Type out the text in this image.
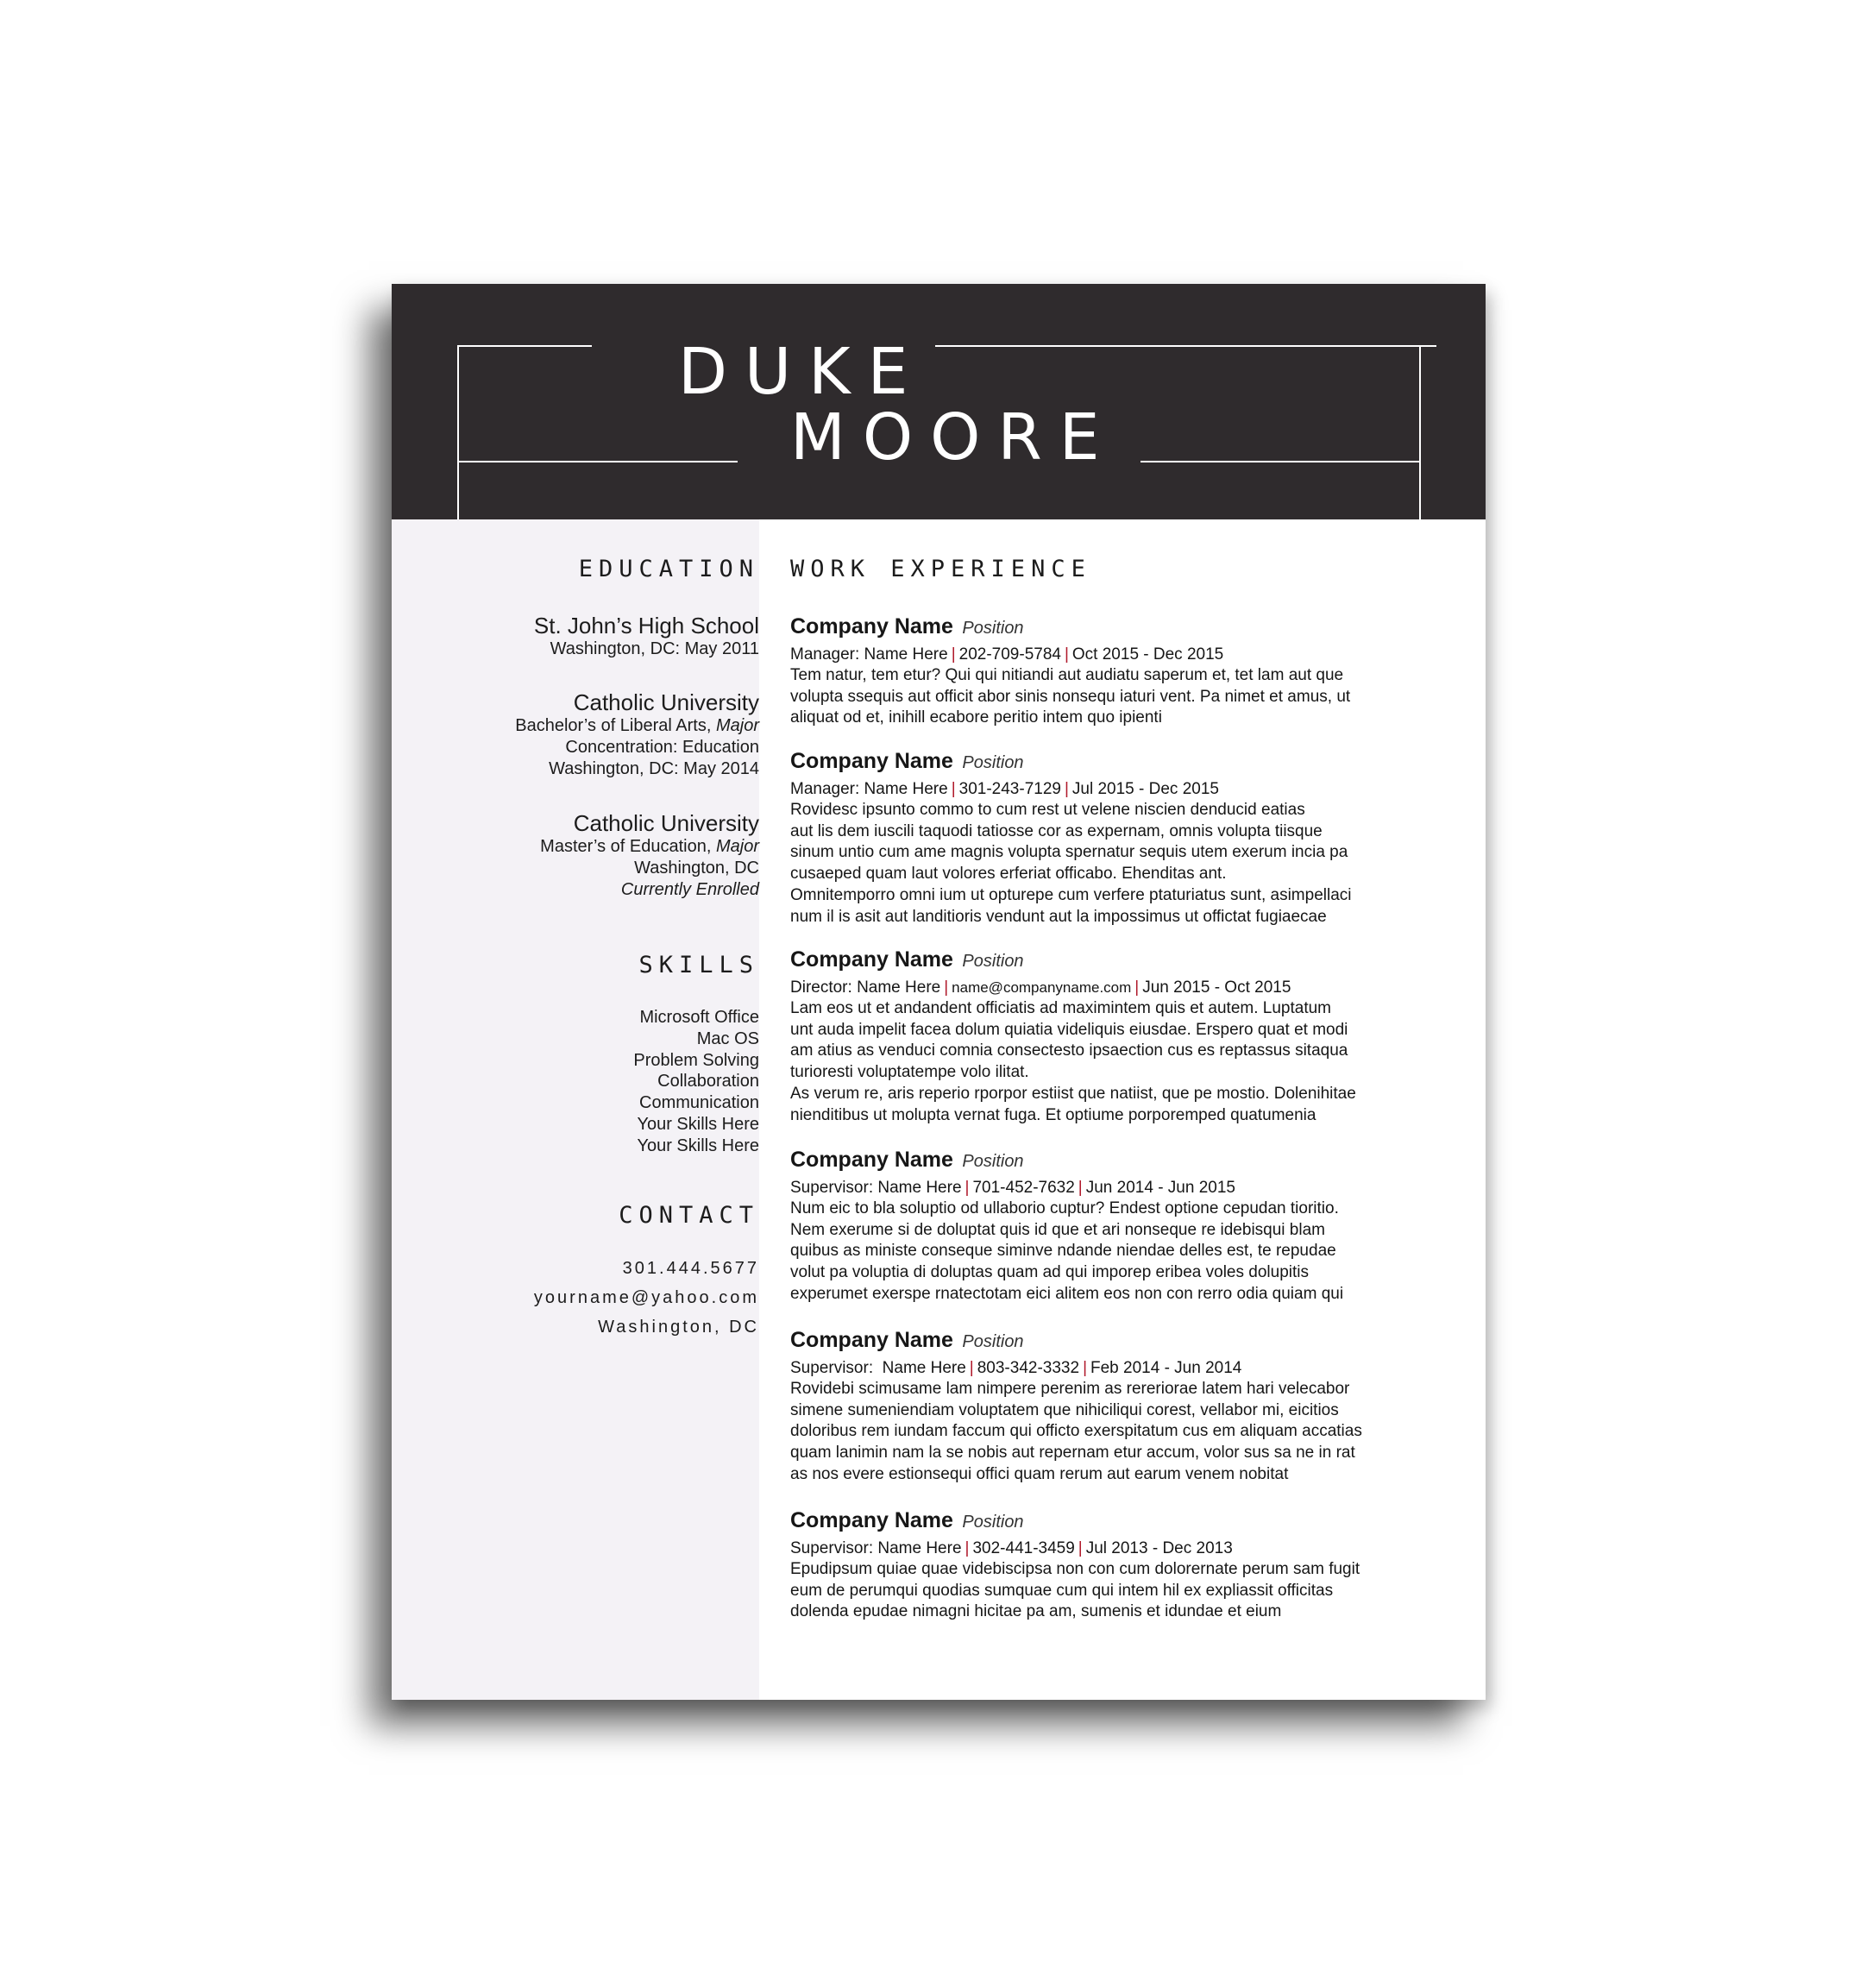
DUKE
MOORE
EDUCATION
St. John’s High School
Washington, DC: May 2011
Catholic University
Bachelor’s of Liberal Arts, Major
Concentration: Education
Washington, DC: May 2014
Catholic University
Master’s of Education, Major
Washington, DC
Currently Enrolled
SKILLS
Microsoft Office
Mac OS
Problem Solving
Collaboration
Communication
Your Skills Here
Your Skills Here
CONTACT
301.444.5677
yourname@yahoo.com
Washington, DC
WORK EXPERIENCE
Company Name Position
Manager: Name Here | 202-709-5784 | Oct 2015 - Dec 2015
Tem natur, tem etur? Qui qui nitiandi aut audiatu saperum et, tet lam aut que
volupta ssequis aut officit abor sinis nonsequ iaturi vent. Pa nimet et amus, ut
aliquat od et, inihill ecabore peritio intem quo ipienti
Company Name Position
Manager: Name Here | 301-243-7129 | Jul 2015 - Dec 2015
Rovidesc ipsunto commo to cum rest ut velene niscien denducid eatias
aut lis dem iuscili taquodi tatiosse cor as expernam, omnis volupta tiisque
sinum untio cum ame magnis volupta spernatur sequis utem exerum incia pa
cusaeped quam laut volores erferiat officabo. Ehenditas ant.
Omnitemporro omni ium ut opturepe cum verfere ptaturiatus sunt, asimpellaci
num il is asit aut landitioris vendunt aut la impossimus ut offictat fugiaecae
Company Name Position
Director: Name Here | name@companyname.com | Jun 2015 - Oct 2015
Lam eos ut et andandent officiatis ad maximintem quis et autem. Luptatum
unt auda impelit facea dolum quiatia videliquis eiusdae. Erspero quat et modi
am atius as venduci comnia consectesto ipsaection cus es reptassus sitaqua
turioresti voluptatempe volo ilitat.
As verum re, aris reperio rporpor estiist que natiist, que pe mostio. Dolenihitae
nienditibus ut molupta vernat fuga. Et optiume porporemped quatumenia
Company Name Position
Supervisor: Name Here | 701-452-7632 | Jun 2014 - Jun 2015
Num eic to bla soluptio od ullaborio cuptur? Endest optione cepudan tioritio.
Nem exerume si de doluptat quis id que et ari nonseque re idebisqui blam
quibus as ministe conseque siminve ndande niendae delles est, te repudae
volut pa voluptia di doluptas quam ad qui imporep eribea voles dolupitis
experumet exerspe rnatectotam eici alitem eos non con rerro odia quiam qui
Company Name Position
Supervisor:  Name Here | 803-342-3332 | Feb 2014 - Jun 2014
Rovidebi scimusame lam nimpere perenim as rereriorae latem hari velecabor
simene sumeniendiam voluptatem que nihiciliqui corest, vellabor mi, eicitios
doloribus rem iundam faccum qui officto exerspitatum cus em aliquam accatias
quam lanimin nam la se nobis aut repernam etur accum, volor sus sa ne in rat
as nos evere estionsequi offici quam rerum aut earum venem nobitat
Company Name Position
Supervisor: Name Here | 302-441-3459 | Jul 2013 - Dec 2013
Epudipsum quiae quae videbiscipsa non con cum dolorernate perum sam fugit
eum de perumqui quodias sumquae cum qui intem hil ex expliassit officitas
dolenda epudae nimagni hicitae pa am, sumenis et idundae et eium
